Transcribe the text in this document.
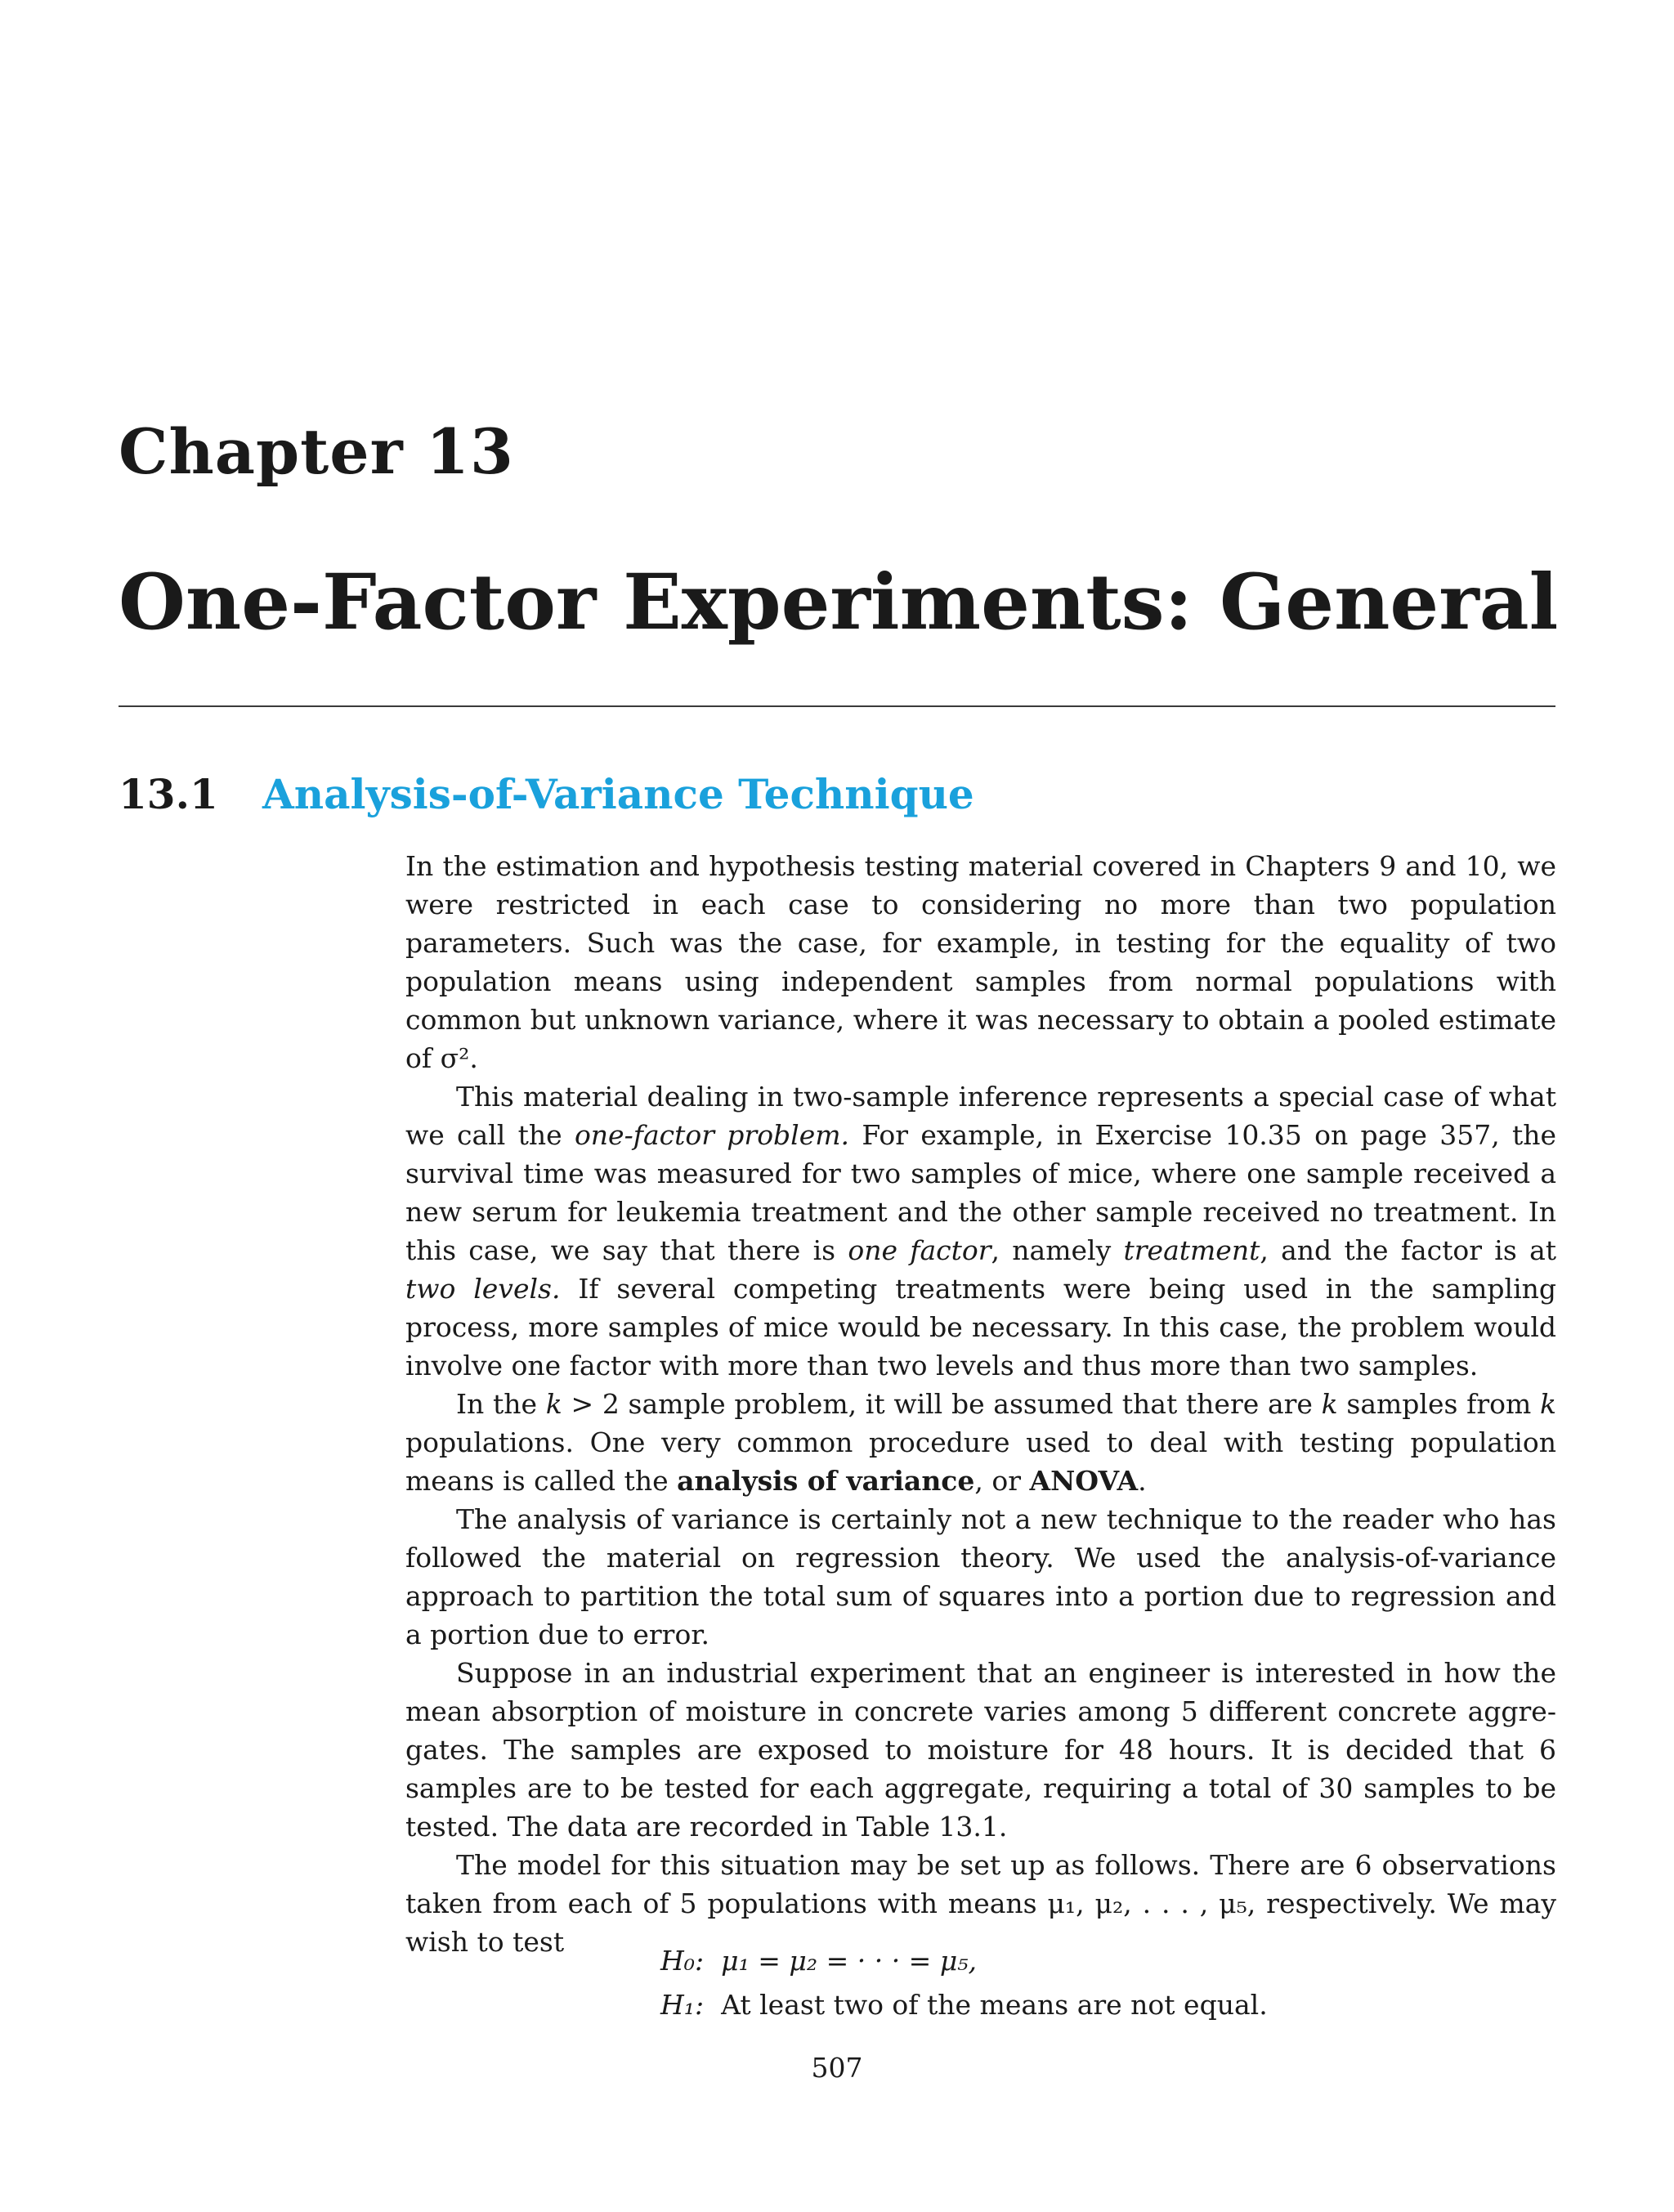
Chapter 13
One-Factor Experiments: General
13.1 Analysis-of-Variance Technique

In the estimation and hypothesis testing material covered in Chapters 9 and 10, we were restricted in each case to considering no more than two population parameters. Such was the case, for example, in testing for the equality of two population means using independent samples from normal populations with common but unknown variance, where it was necessary to obtain a pooled estimate of σ².

This material dealing in two-sample inference represents a special case of what we call the one-factor problem. For example, in Exercise 10.35 on page 357, the survival time was measured for two samples of mice, where one sample received a new serum for leukemia treatment and the other sample received no treatment. In this case, we say that there is one factor, namely treatment, and the factor is at two levels. If several competing treatments were being used in the sampling process, more samples of mice would be necessary. In this case, the problem would involve one factor with more than two levels and thus more than two samples.

In the k > 2 sample problem, it will be assumed that there are k samples from k populations. One very common procedure used to deal with testing population means is called the analysis of variance, or ANOVA.

The analysis of variance is certainly not a new technique to the reader who has followed the material on regression theory. We used the analysis-of-variance approach to partition the total sum of squares into a portion due to regression and a portion due to error.

Suppose in an industrial experiment that an engineer is interested in how the mean absorption of moisture in concrete varies among 5 different concrete aggregates. The samples are exposed to moisture for 48 hours. It is decided that 6 samples are to be tested for each aggregate, requiring a total of 30 samples to be tested. The data are recorded in Table 13.1.

The model for this situation may be set up as follows. There are 6 observations taken from each of 5 populations with means μ₁, μ₂, . . . , μ₅, respectively. We may wish to test

H₀: μ₁ = μ₂ = · · · = μ₅,
H₁: At least two of the means are not equal.
507
